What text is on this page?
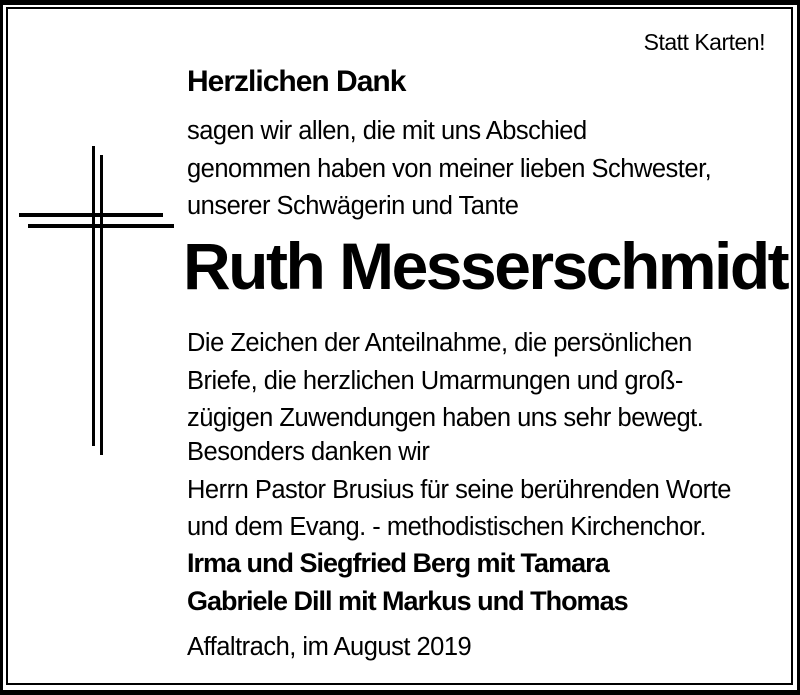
Statt Karten!
Herzlichen Dank
sagen wir allen, die mit uns Abschied
genommen haben von meiner lieben Schwester,
unserer Schwägerin und Tante
Ruth Messerschmidt
Die Zeichen der Anteilnahme, die persönlichen
Briefe, die herzlichen Umarmungen und groß-
zügigen Zuwendungen haben uns sehr bewegt.
Besonders danken wir
Herrn Pastor Brusius für seine berührenden Worte
und dem Evang. - methodistischen Kirchenchor.
Irma und Siegfried Berg mit Tamara
Gabriele Dill mit Markus und Thomas
Affaltrach, im August 2019
